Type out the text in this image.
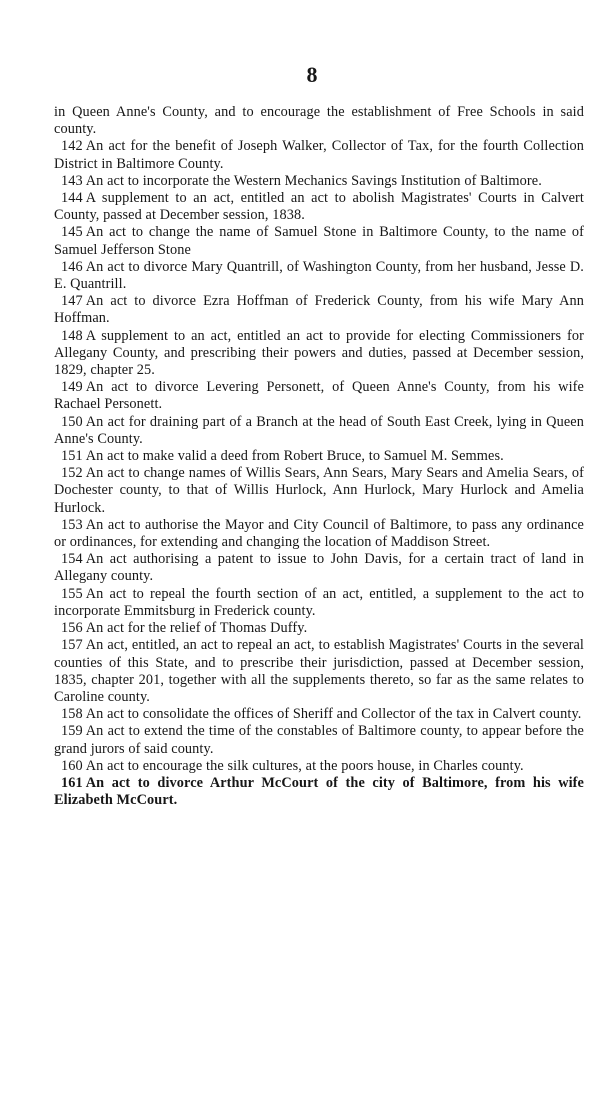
8

in Queen Anne's County, and to encourage the establishment of Free Schools in said county.

142 An act for the benefit of Joseph Walker, Collector of Tax, for the fourth Collection District in Baltimore County.

143 An act to incorporate the Western Mechanics Savings Institution of Baltimore.

144 A supplement to an act, entitled an act to abolish Magistrates' Courts in Calvert County, passed at December session, 1838.

145 An act to change the name of Samuel Stone in Baltimore County, to the name of Samuel Jefferson Stone

146 An act to divorce Mary Quantrill, of Washington County, from her husband, Jesse D. E. Quantrill.

147 An act to divorce Ezra Hoffman of Frederick County, from his wife Mary Ann Hoffman.

148 A supplement to an act, entitled an act to provide for electing Commissioners for Allegany County, and prescribing their powers and duties, passed at December session, 1829, chapter 25.

149 An act to divorce Levering Personett, of Queen Anne's County, from his wife Rachael Personett.

150 An act for draining part of a Branch at the head of South East Creek, lying in Queen Anne's County.

151 An act to make valid a deed from Robert Bruce, to Samuel M. Semmes.

152 An act to change names of Willis Sears, Ann Sears, Mary Sears and Amelia Sears, of Dochester county, to that of Willis Hurlock, Ann Hurlock, Mary Hurlock and Amelia Hurlock.

153 An act to authorise the Mayor and City Council of Baltimore, to pass any ordinance or ordinances, for extending and changing the location of Maddison Street.

154 An act authorising a patent to issue to John Davis, for a certain tract of land in Allegany county.

155 An act to repeal the fourth section of an act, entitled, a supplement to the act to incorporate Emmitsburg in Frederick county.

156 An act for the relief of Thomas Duffy.

157 An act, entitled, an act to repeal an act, to establish Magistrates' Courts in the several counties of this State, and to prescribe their jurisdiction, passed at December session, 1835, chapter 201, together with all the supplements thereto, so far as the same relates to Caroline county.

158 An act to consolidate the offices of Sheriff and Collector of the tax in Calvert county.

159 An act to extend the time of the constables of Baltimore county, to appear before the grand jurors of said county.

160 An act to encourage the silk cultures, at the poors house, in Charles county.

161 An act to divorce Arthur McCourt of the city of Baltimore, from his wife Elizabeth McCourt.
